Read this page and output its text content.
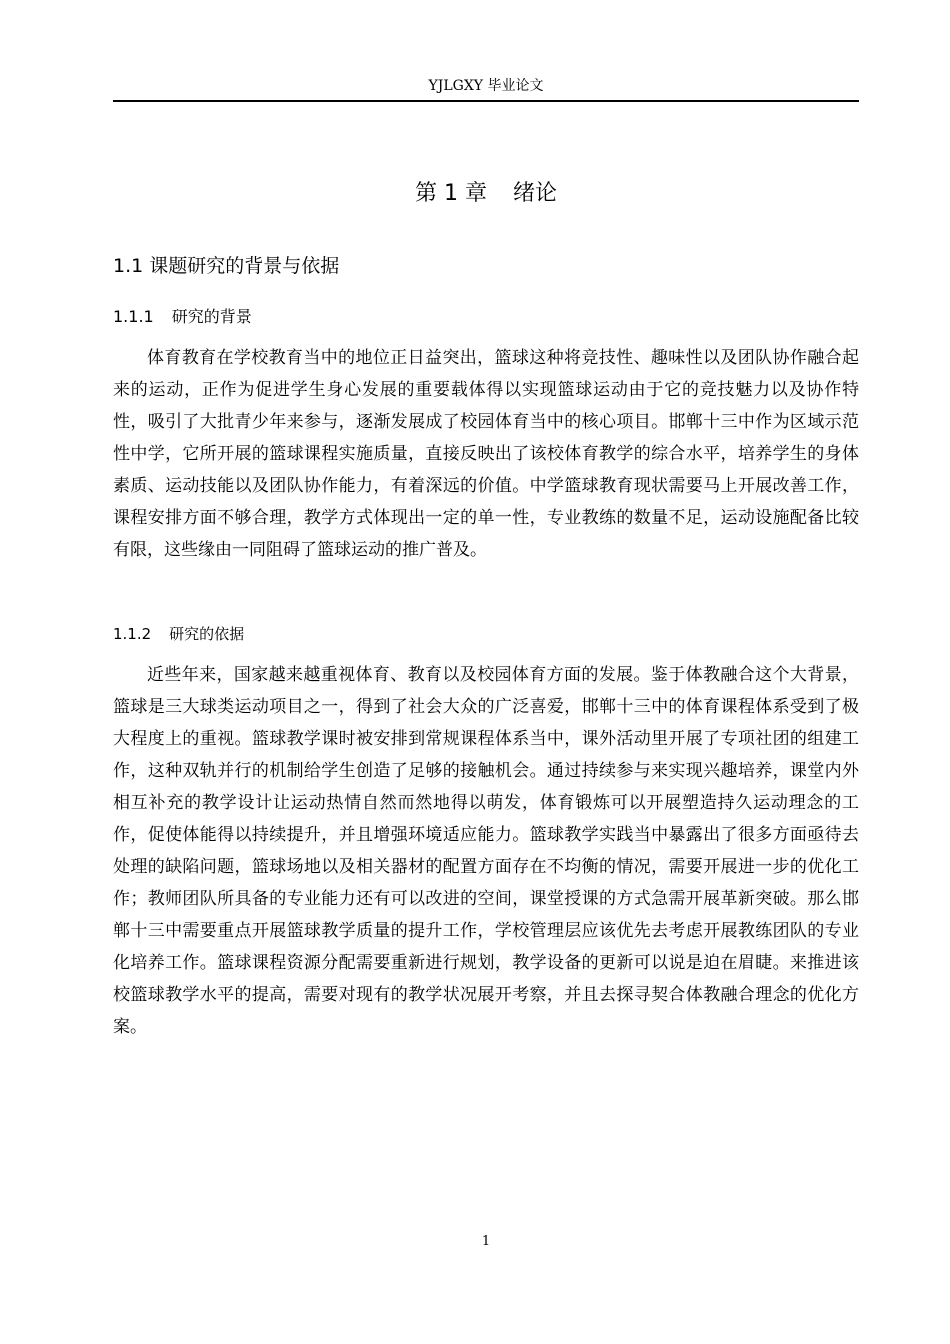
YJLGXY 毕业论文
第 1 章 绪论
1.1 课题研究的背景与依据
1.1.1 研究的背景

体育教育在学校教育当中的地位正日益突出，篮球这种将竞技性、趣味性以及团队协作融合起来的运动，正作为促进学生身心发展的重要载体得以实现篮球运动由于它的竞技魅力以及协作特性，吸引了大批青少年来参与，逐渐发展成了校园体育当中的核心项目。邯郸十三中作为区域示范性中学，它所开展的篮球课程实施质量，直接反映出了该校体育教学的综合水平，培养学生的身体素质、运动技能以及团队协作能力，有着深远的价值。中学篮球教育现状需要马上开展改善工作，课程安排方面不够合理，教学方式体现出一定的单一性，专业教练的数量不足，运动设施配备比较有限，这些缘由一同阻碍了篮球运动的推广普及。

1.1.2 研究的依据

近些年来，国家越来越重视体育、教育以及校园体育方面的发展。鉴于体教融合这个大背景，篮球是三大球类运动项目之一，得到了社会大众的广泛喜爱，邯郸十三中的体育课程体系受到了极大程度上的重视。篮球教学课时被安排到常规课程体系当中，课外活动里开展了专项社团的组建工作，这种双轨并行的机制给学生创造了足够的接触机会。通过持续参与来实现兴趣培养，课堂内外相互补充的教学设计让运动热情自然而然地得以萌发，体育锻炼可以开展塑造持久运动理念的工作，促使体能得以持续提升，并且增强环境适应能力。篮球教学实践当中暴露出了很多方面亟待去处理的缺陷问题，篮球场地以及相关器材的配置方面存在不均衡的情况，需要开展进一步的优化工作；教师团队所具备的专业能力还有可以改进的空间，课堂授课的方式急需开展革新突破。那么邯郸十三中需要重点开展篮球教学质量的提升工作，学校管理层应该优先去考虑开展教练团队的专业化培养工作。篮球课程资源分配需要重新进行规划，教学设备的更新可以说是迫在眉睫。来推进该校篮球教学水平的提高，需要对现有的教学状况展开考察，并且去探寻契合体教融合理念的优化方案。

1
